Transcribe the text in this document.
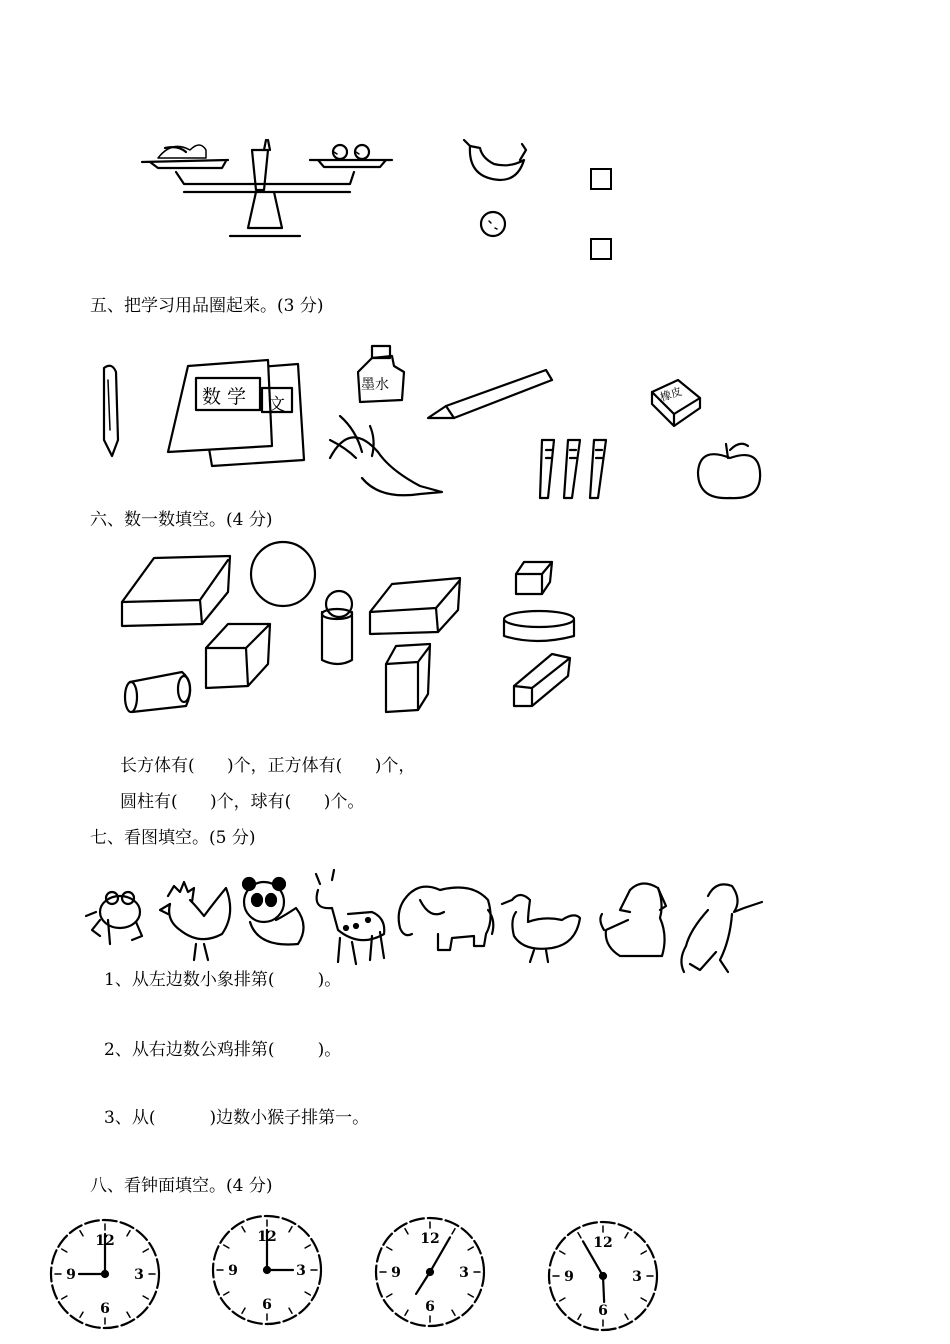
五、把学习用品圈起来。(3 分)
数学 文
墨水	橡皮
六、数一数填空。(4 分)
长方体有(      )个，正方体有(      )个，
圆柱有(      )个，球有(      )个。
七、看图填空。(5 分)
1、从左边数小象排第(        )。
2、从右边数公鸡排第(        )。
3、从(          )边数小猴子排第一。
八、看钟面填空。(4 分)
12
3
6
9
12
3
6
9
12
3
6
9
12
3
6
9
